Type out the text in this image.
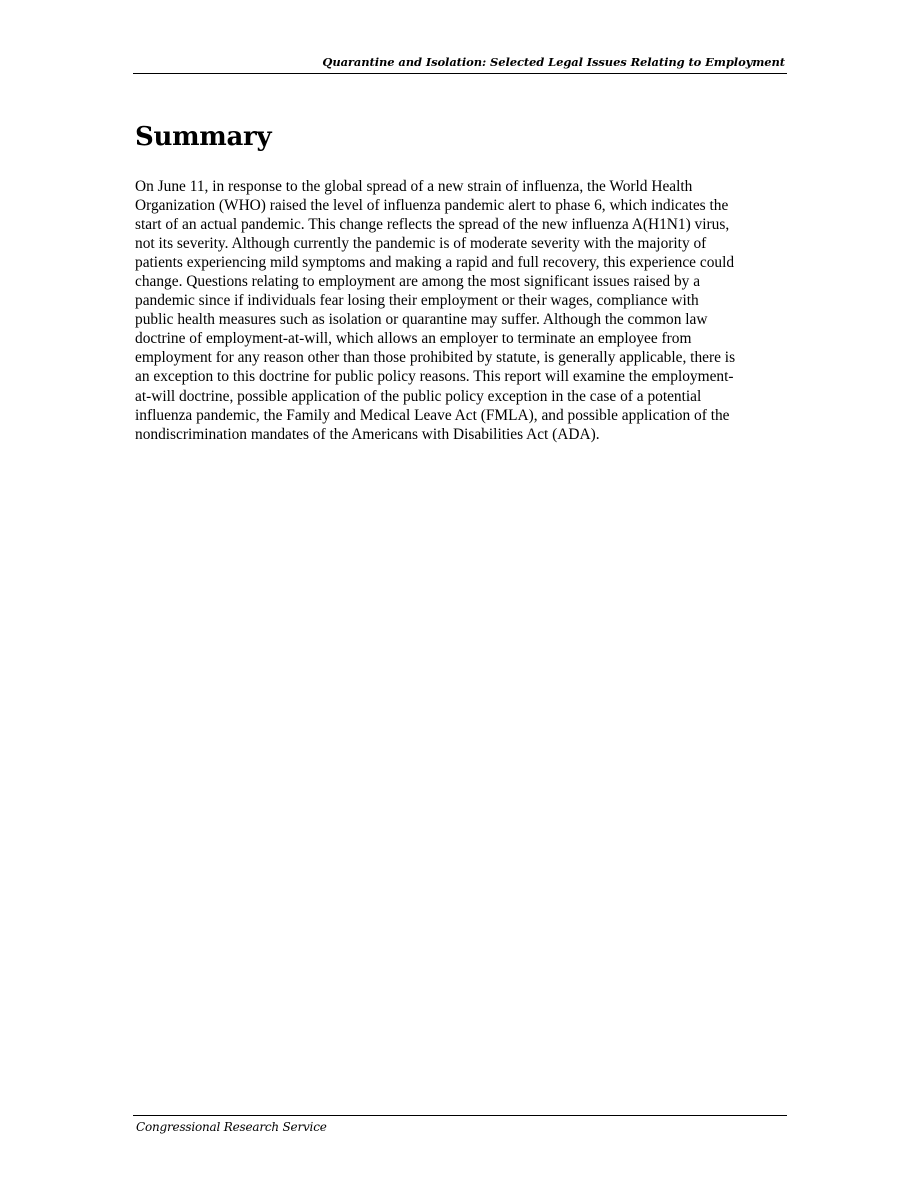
Quarantine and Isolation: Selected Legal Issues Relating to Employment
Summary

On June 11, in response to the global spread of a new strain of influenza, the World Health
Organization (WHO) raised the level of influenza pandemic alert to phase 6, which indicates the
start of an actual pandemic. This change reflects the spread of the new influenza A(H1N1) virus,
not its severity. Although currently the pandemic is of moderate severity with the majority of
patients experiencing mild symptoms and making a rapid and full recovery, this experience could
change. Questions relating to employment are among the most significant issues raised by a
pandemic since if individuals fear losing their employment or their wages, compliance with
public health measures such as isolation or quarantine may suffer. Although the common law
doctrine of employment-at-will, which allows an employer to terminate an employee from
employment for any reason other than those prohibited by statute, is generally applicable, there is
an exception to this doctrine for public policy reasons. This report will examine the employment-
at-will doctrine, possible application of the public policy exception in the case of a potential
influenza pandemic, the Family and Medical Leave Act (FMLA), and possible application of the
nondiscrimination mandates of the Americans with Disabilities Act (ADA).

Congressional Research Service
